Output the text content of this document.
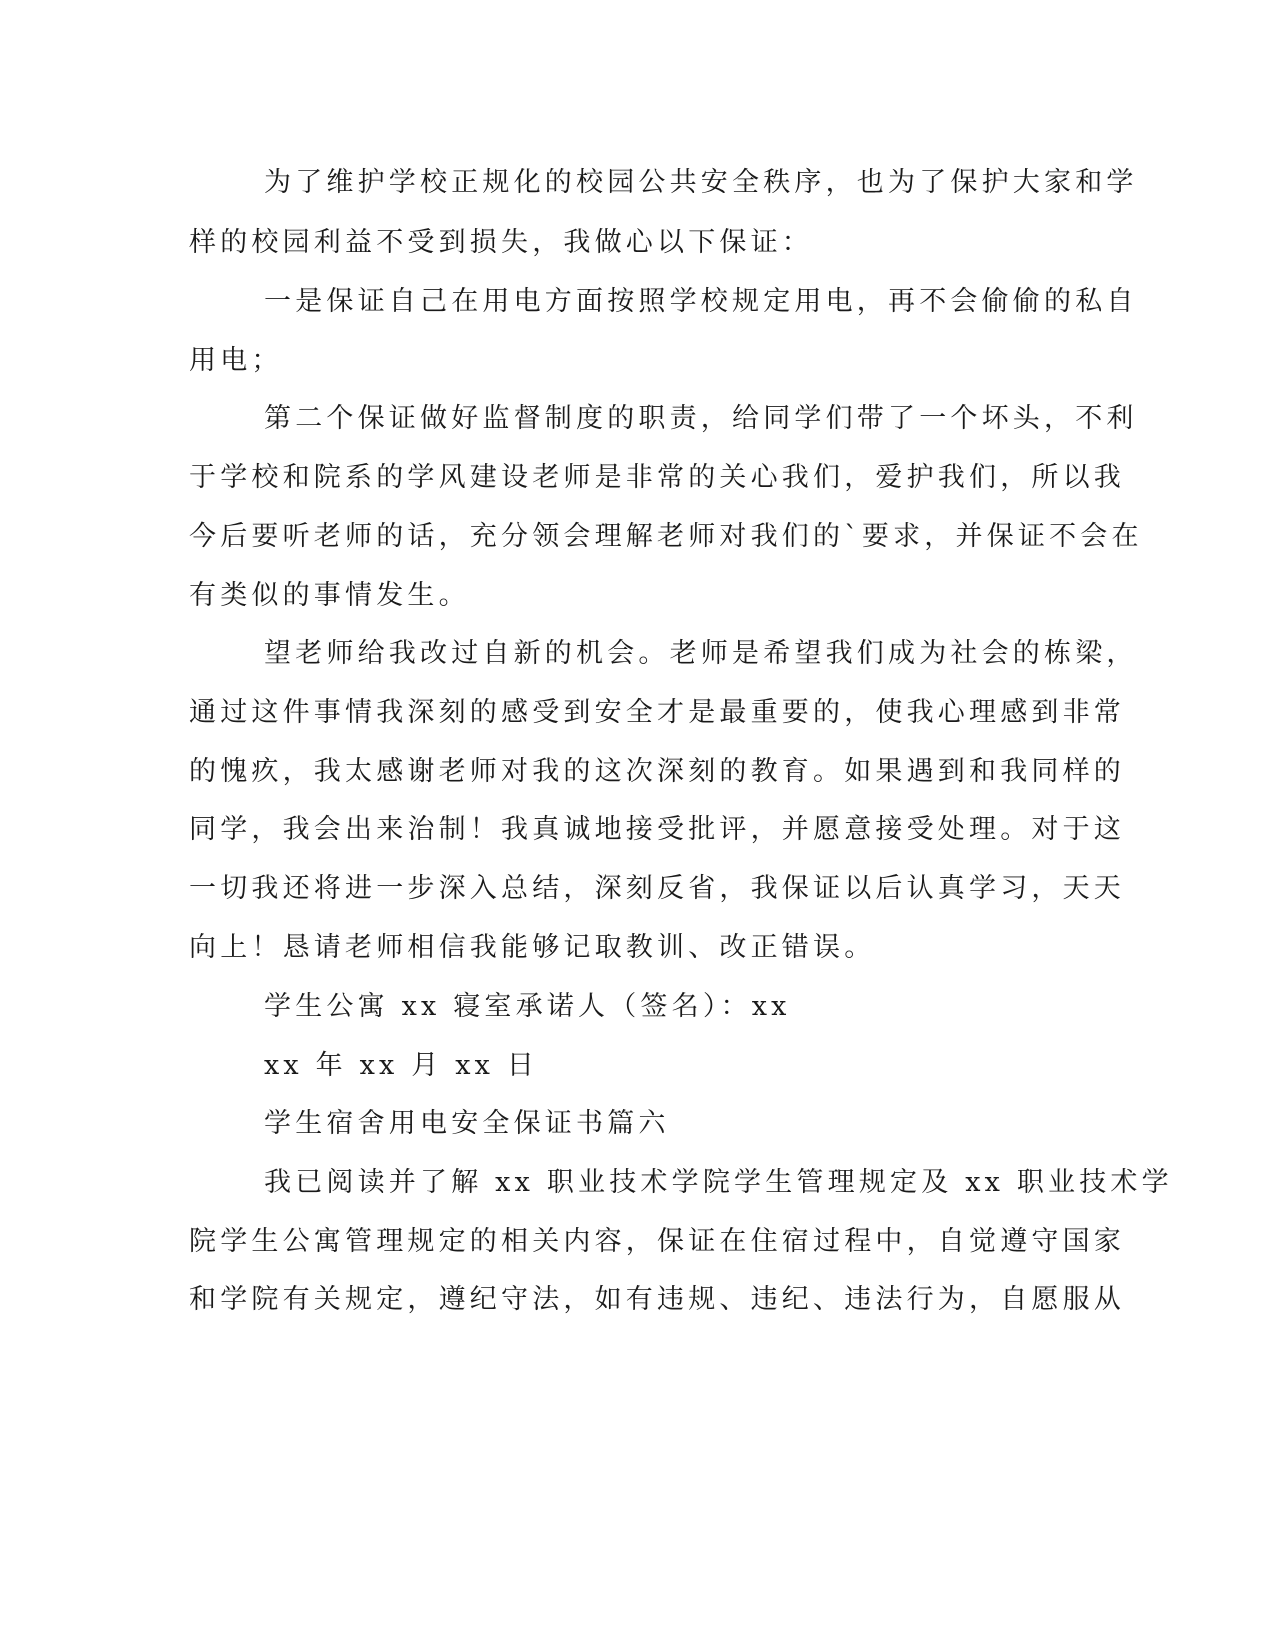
为了维护学校正规化的校园公共安全秩序，也为了保护大家和学

样的校园利益不受到损失，我做心以下保证：

一是保证自己在用电方面按照学校规定用电，再不会偷偷的私自

用电；

第二个保证做好监督制度的职责，给同学们带了一个坏头，不利

于学校和院系的学风建设老师是非常的关心我们，爱护我们，所以我

今后要听老师的话，充分领会理解老师对我们的`要求，并保证不会在

有类似的事情发生。

望老师给我改过自新的机会。老师是希望我们成为社会的栋梁，

通过这件事情我深刻的感受到安全才是最重要的，使我心理感到非常

的愧疚，我太感谢老师对我的这次深刻的教育。如果遇到和我同样的

同学，我会出来治制！我真诚地接受批评，并愿意接受处理。对于这

一切我还将进一步深入总结，深刻反省，我保证以后认真学习，天天

向上！恳请老师相信我能够记取教训、改正错误。

学生公寓 xx 寝室承诺人（签名）：xx

xx 年 xx 月 xx 日

学生宿舍用电安全保证书篇六

我已阅读并了解 xx 职业技术学院学生管理规定及 xx 职业技术学

院学生公寓管理规定的相关内容，保证在住宿过程中，自觉遵守国家

和学院有关规定，遵纪守法，如有违规、违纪、违法行为，自愿服从
